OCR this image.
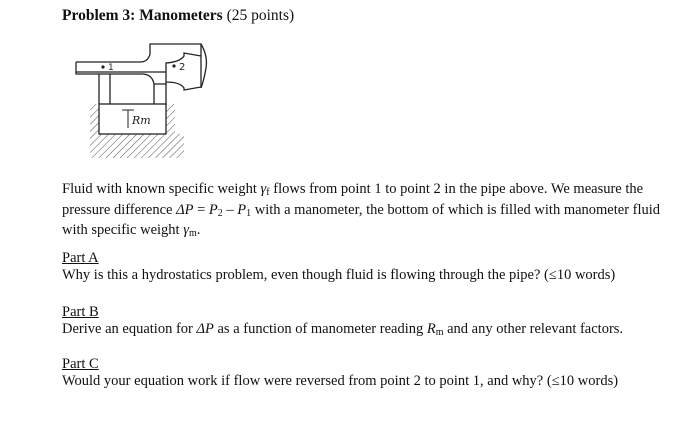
Problem 3: Manometers (25 points)
Rm
1	2
Fluid with known specific weight $\gamma_f$ flows from point 1 to point 2 in the pipe above. We measure the pressure difference $\Delta P = P_2 - P_1$ with a manometer, the bottom of which is filled with manometer fluid with specific weight $\gamma_m$.
Part A
Why is this a hydrostatics problem, even though fluid is flowing through the pipe? (≤10 words)
Part B
Derive an equation for ΔP as a function of manometer reading $R_m$ and any other relevant factors.
Part C
Would your equation work if flow were reversed from point 2 to point 1, and why? (≤10 words)
